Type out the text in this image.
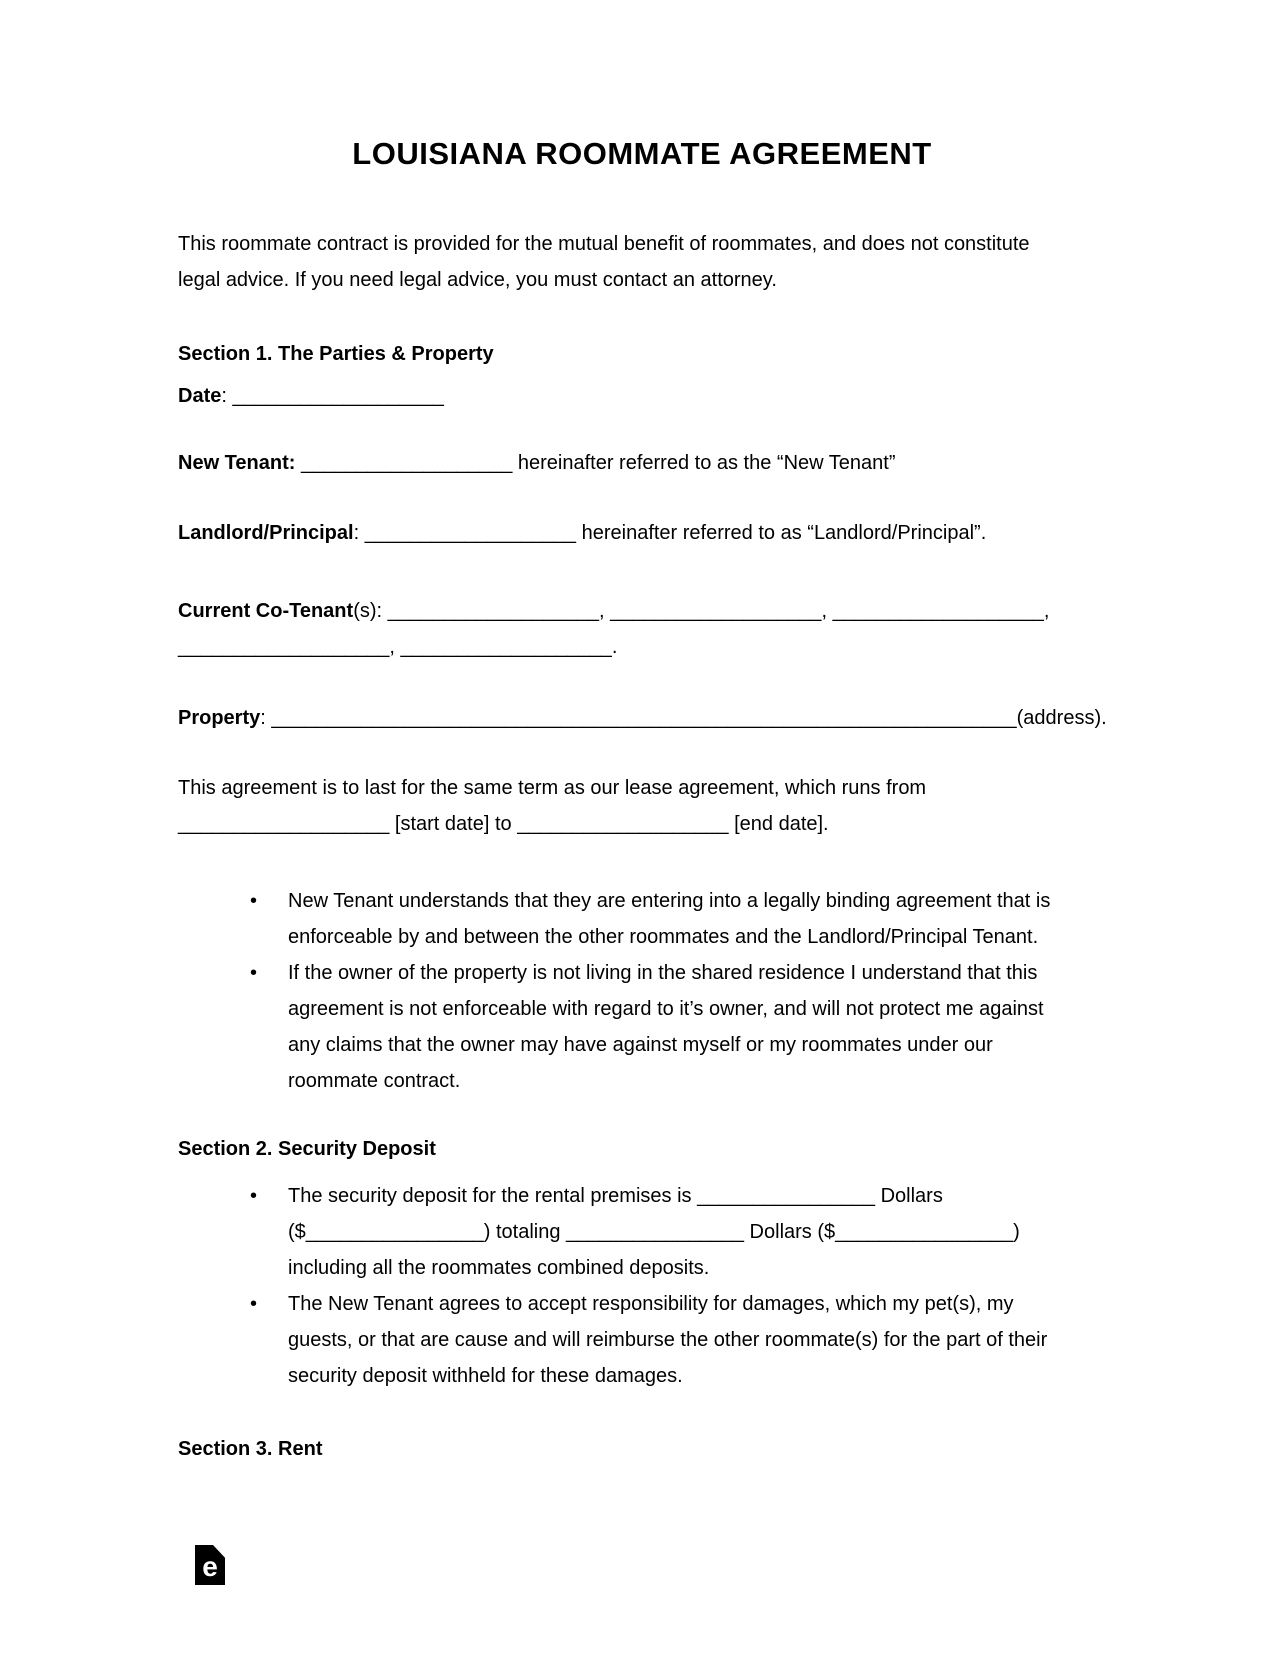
LOUISIANA ROOMMATE AGREEMENT
This roommate contract is provided for the mutual benefit of roommates, and does not constitute
legal advice. If you need legal advice, you must contact an attorney.
Section 1. The Parties & Property
Date: ___________________
New Tenant: ___________________ hereinafter referred to as the “New Tenant”
Landlord/Principal: ___________________ hereinafter referred to as “Landlord/Principal”.
Current Co-Tenant(s): ___________________, ___________________, ___________________,
___________________, ___________________.
Property: ___________________________________________________________________(address).
This agreement is to last for the same term as our lease agreement, which runs from
___________________ [start date] to ___________________ [end date].
•	New Tenant understands that they are entering into a legally binding agreement that is
enforceable by and between the other roommates and the Landlord/Principal Tenant.
•	If the owner of the property is not living in the shared residence I understand that this
agreement is not enforceable with regard to it’s owner, and will not protect me against
any claims that the owner may have against myself or my roommates under our
roommate contract.
Section 2. Security Deposit
•	The security deposit for the rental premises is ________________ Dollars
($________________) totaling ________________ Dollars ($________________)
including all the roommates combined deposits.
•	The New Tenant agrees to accept responsibility for damages, which my pet(s), my
guests, or that are cause and will reimburse the other roommate(s) for the part of their
security deposit withheld for these damages.
Section 3. Rent
e
